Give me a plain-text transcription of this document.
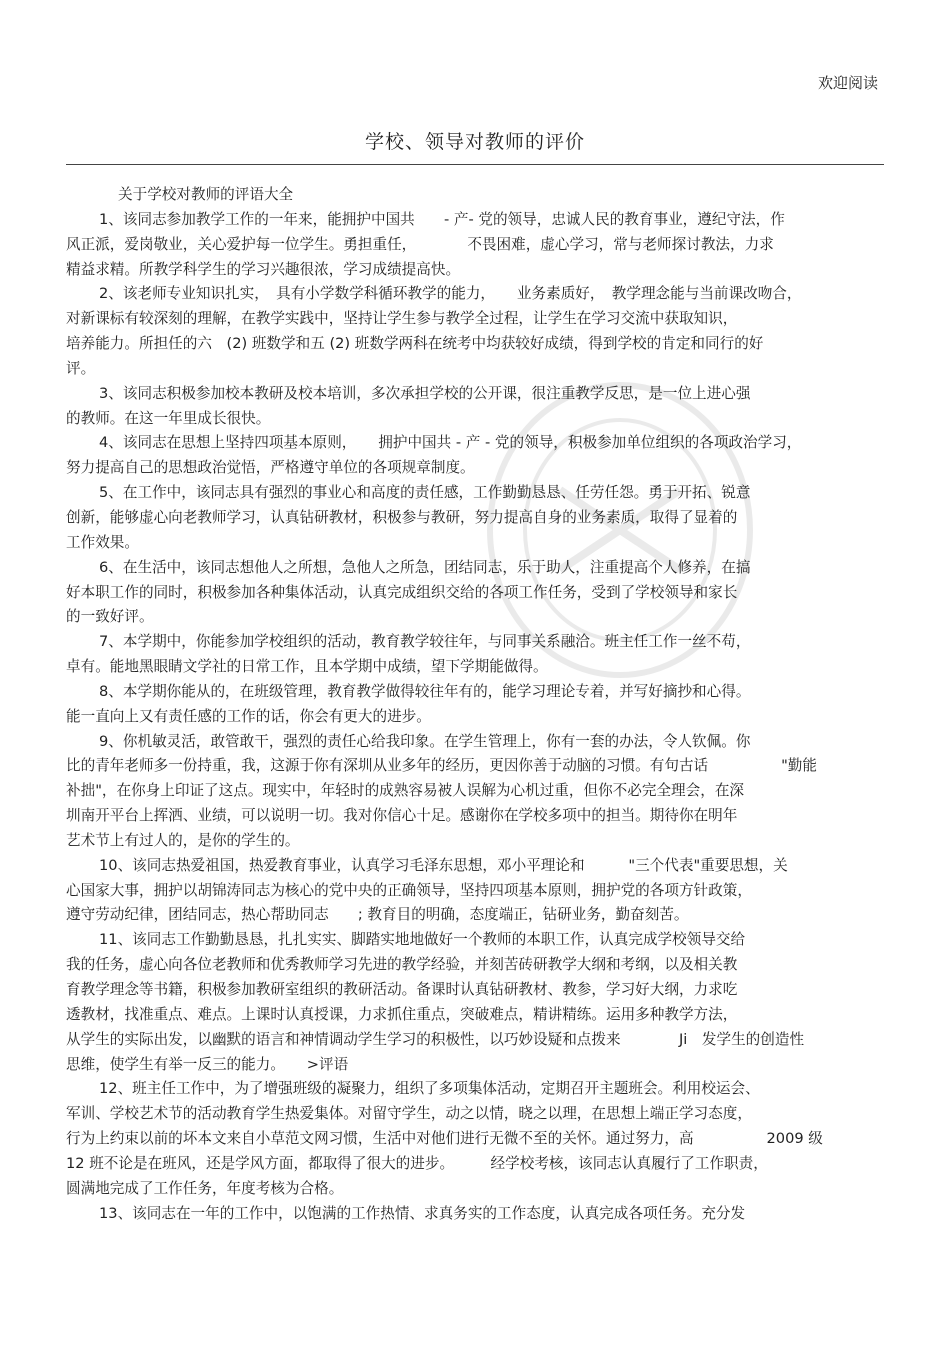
欢迎阅读
学校、领导对教师的评价
关于学校对教师的评语大全
1、该同志参加教学工作的一年来，能拥护中国共　　- 产- 党的领导，忠诚人民的教育事业，遵纪守法，作
风正派，爱岗敬业，关心爱护每一位学生。勇担重任，　　　　不畏困难，虚心学习，常与老师探讨教法，力求
精益求精。所教学科学生的学习兴趣很浓，学习成绩提高快。
2、该老师专业知识扎实，　具有小学数学科循环教学的能力，　　业务素质好，　教学理念能与当前课改吻合，
对新课标有较深刻的理解，在教学实践中，坚持让学生参与教学全过程，让学生在学习交流中获取知识，
培养能力。所担任的六　(2) 班数学和五 (2) 班数学两科在统考中均获较好成绩，得到学校的肯定和同行的好
评。
3、该同志积极参加校本教研及校本培训，多次承担学校的公开课，很注重教学反思，是一位上进心强
的教师。在这一年里成长很快。
4、该同志在思想上坚持四项基本原则，　　拥护中国共 - 产 - 党的领导，积极参加单位组织的各项政治学习，
努力提高自己的思想政治觉悟，严格遵守单位的各项规章制度。
5、在工作中，该同志具有强烈的事业心和高度的责任感，工作勤勤恳恳、任劳任怨。勇于开拓、锐意
创新，能够虚心向老教师学习，认真钻研教材，积极参与教研，努力提高自身的业务素质，取得了显着的
工作效果。
6、在生活中，该同志想他人之所想，急他人之所急，团结同志，乐于助人，注重提高个人修养，在搞
好本职工作的同时，积极参加各种集体活动，认真完成组织交给的各项工作任务，受到了学校领导和家长
的一致好评。
7、本学期中，你能参加学校组织的活动，教育教学较往年，与同事关系融洽。班主任工作一丝不苟，
卓有。能地黑眼睛文学社的日常工作，且本学期中成绩，望下学期能做得。
8、本学期你能从的，在班级管理，教育教学做得较往年有的，能学习理论专着，并写好摘抄和心得。
能一直向上又有责任感的工作的话，你会有更大的进步。
9、你机敏灵活，敢管敢干，强烈的责任心给我印象。在学生管理上，你有一套的办法，令人钦佩。你
比的青年老师多一份持重，我，这源于你有深圳从业多年的经历，更因你善于动脑的习惯。有句古话　　　　　"勤能
补拙"，在你身上印证了这点。现实中，年轻时的成熟容易被人误解为心机过重，但你不必完全理会，在深
圳南开平台上挥洒、业绩，可以说明一切。我对你信心十足。感谢你在学校多项中的担当。期待你在明年
艺术节上有过人的，是你的学生的。
10、该同志热爱祖国，热爱教育事业，认真学习毛泽东思想，邓小平理论和　　　"三个代表"重要思想，关
心国家大事，拥护以胡锦涛同志为核心的党中央的正确领导，坚持四项基本原则，拥护党的各项方针政策，
遵守劳动纪律，团结同志，热心帮助同志　　; 教育目的明确，态度端正，钻研业务，勤奋刻苦。
11、该同志工作勤勤恳恳，扎扎实实、脚踏实地地做好一个教师的本职工作，认真完成学校领导交给
我的任务，虚心向各位老教师和优秀教师学习先进的教学经验，并刻苦砖研教学大纲和考纲，以及相关教
育教学理念等书籍，积极参加教研室组织的教研活动。备课时认真钻研教材、教参，学习好大纲，力求吃
透教材，找准重点、难点。上课时认真授课，力求抓住重点，突破难点，精讲精练。运用多种教学方法，
从学生的实际出发，以幽默的语言和神情调动学生学习的积极性，以巧妙设疑和点拨来　　　　Ji　发学生的创造性
思维，使学生有举一反三的能力。　　>评语
12、班主任工作中，为了增强班级的凝聚力，组织了多项集体活动，定期召开主题班会。利用校运会、
军训、学校艺术节的活动教育学生热爱集体。对留守学生，动之以情，晓之以理，在思想上端正学习态度，
行为上约束以前的坏本文来自小草范文网习惯，生活中对他们进行无微不至的关怀。通过努力，高　　　　　2009 级
12 班不论是在班风，还是学风方面，都取得了很大的进步。　　　经学校考核，该同志认真履行了工作职责，
圆满地完成了工作任务，年度考核为合格。
13、该同志在一年的工作中，以饱满的工作热情、求真务实的工作态度，认真完成各项任务。充分发
